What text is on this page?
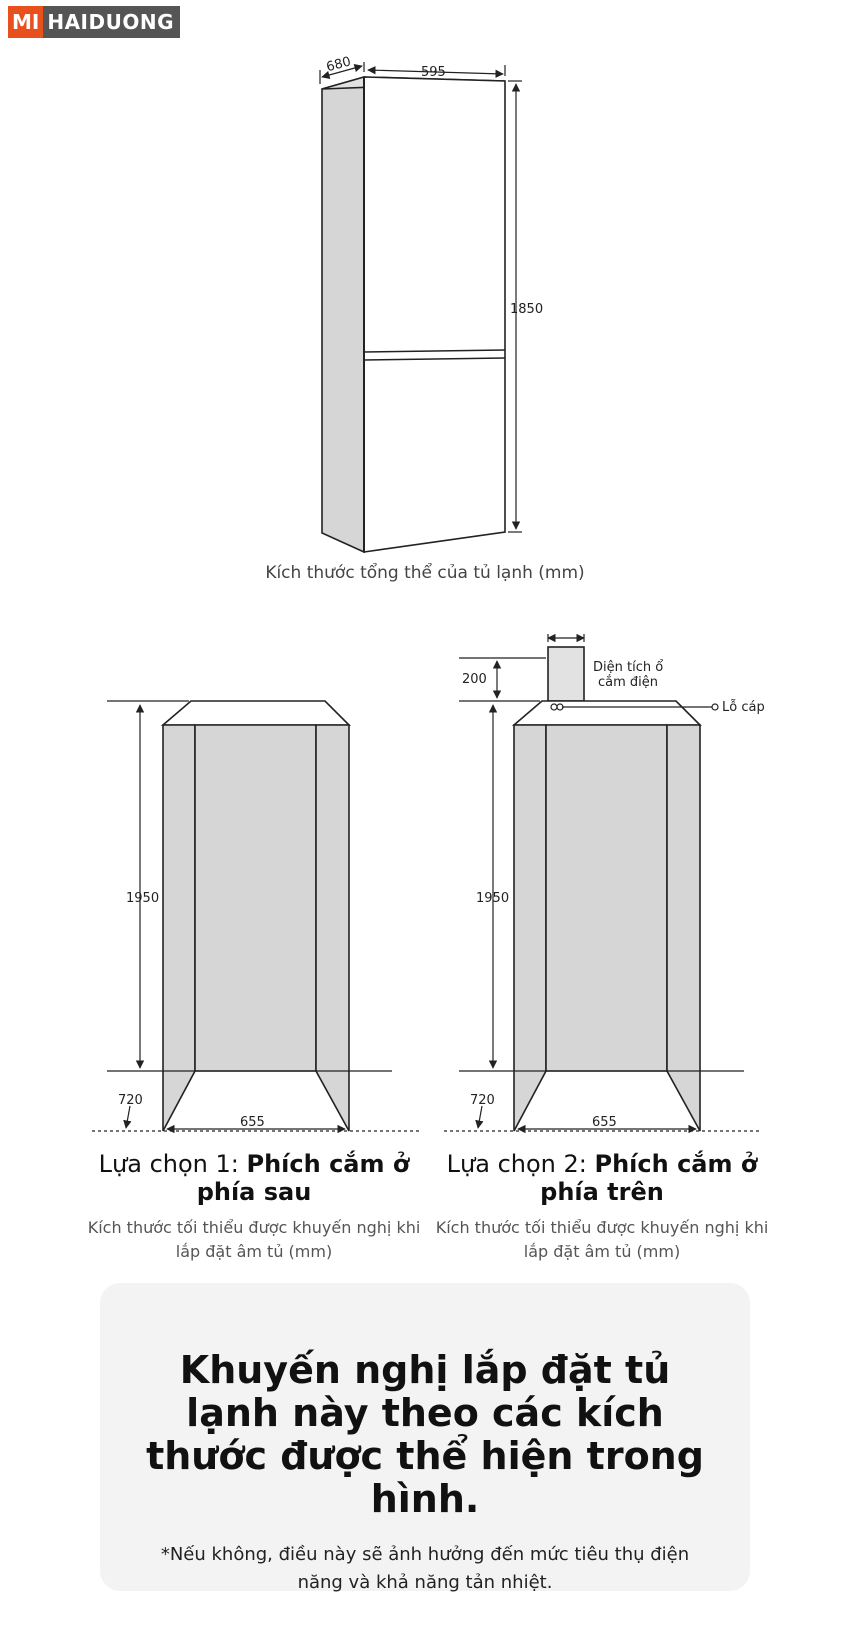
MI HAIDUONG
680	595
1850
1950
720
655
200
Diện tích ổ
cắm điện
Lỗ cáp
1950
720
655
Kích thước tổng thể của tủ lạnh (mm)
Lựa chọn 1: Phích cắm ở phía sau
Kích thước tối thiểu được khuyến nghị khi lắp đặt âm tủ (mm)
Lựa chọn 2: Phích cắm ở phía trên
Kích thước tối thiểu được khuyến nghị khi lắp đặt âm tủ (mm)
Khuyến nghị lắp đặt tủ lạnh này theo các kích thước được thể hiện trong hình.
*Nếu không, điều này sẽ ảnh hưởng đến mức tiêu thụ điện năng và khả năng tản nhiệt.
